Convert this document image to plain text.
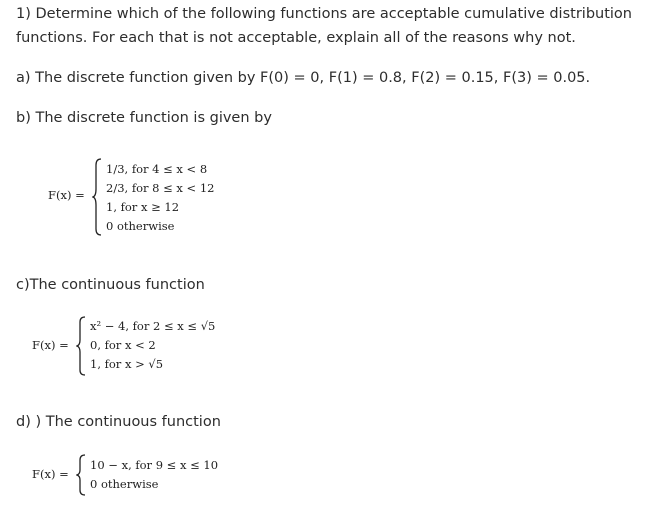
1) Determine which of the following functions are acceptable cumulative distribution
functions. For each that is not acceptable, explain all of the reasons why not.
a) The discrete function given by F(0) = 0, F(1) = 0.8, F(2) = 0.15, F(3) = 0.05.
b) The discrete function is given by
F(x) =
1/3, for 4 ≤ x < 8
2/3, for 8 ≤ x < 12
1, for x ≥ 12
0 otherwise
c)The continuous function
F(x) =
x² − 4, for 2 ≤ x ≤ √5
0, for x < 2
1, for x > √5
d) ) The continuous function
F(x) =
10 − x, for 9 ≤ x ≤ 10
0 otherwise
